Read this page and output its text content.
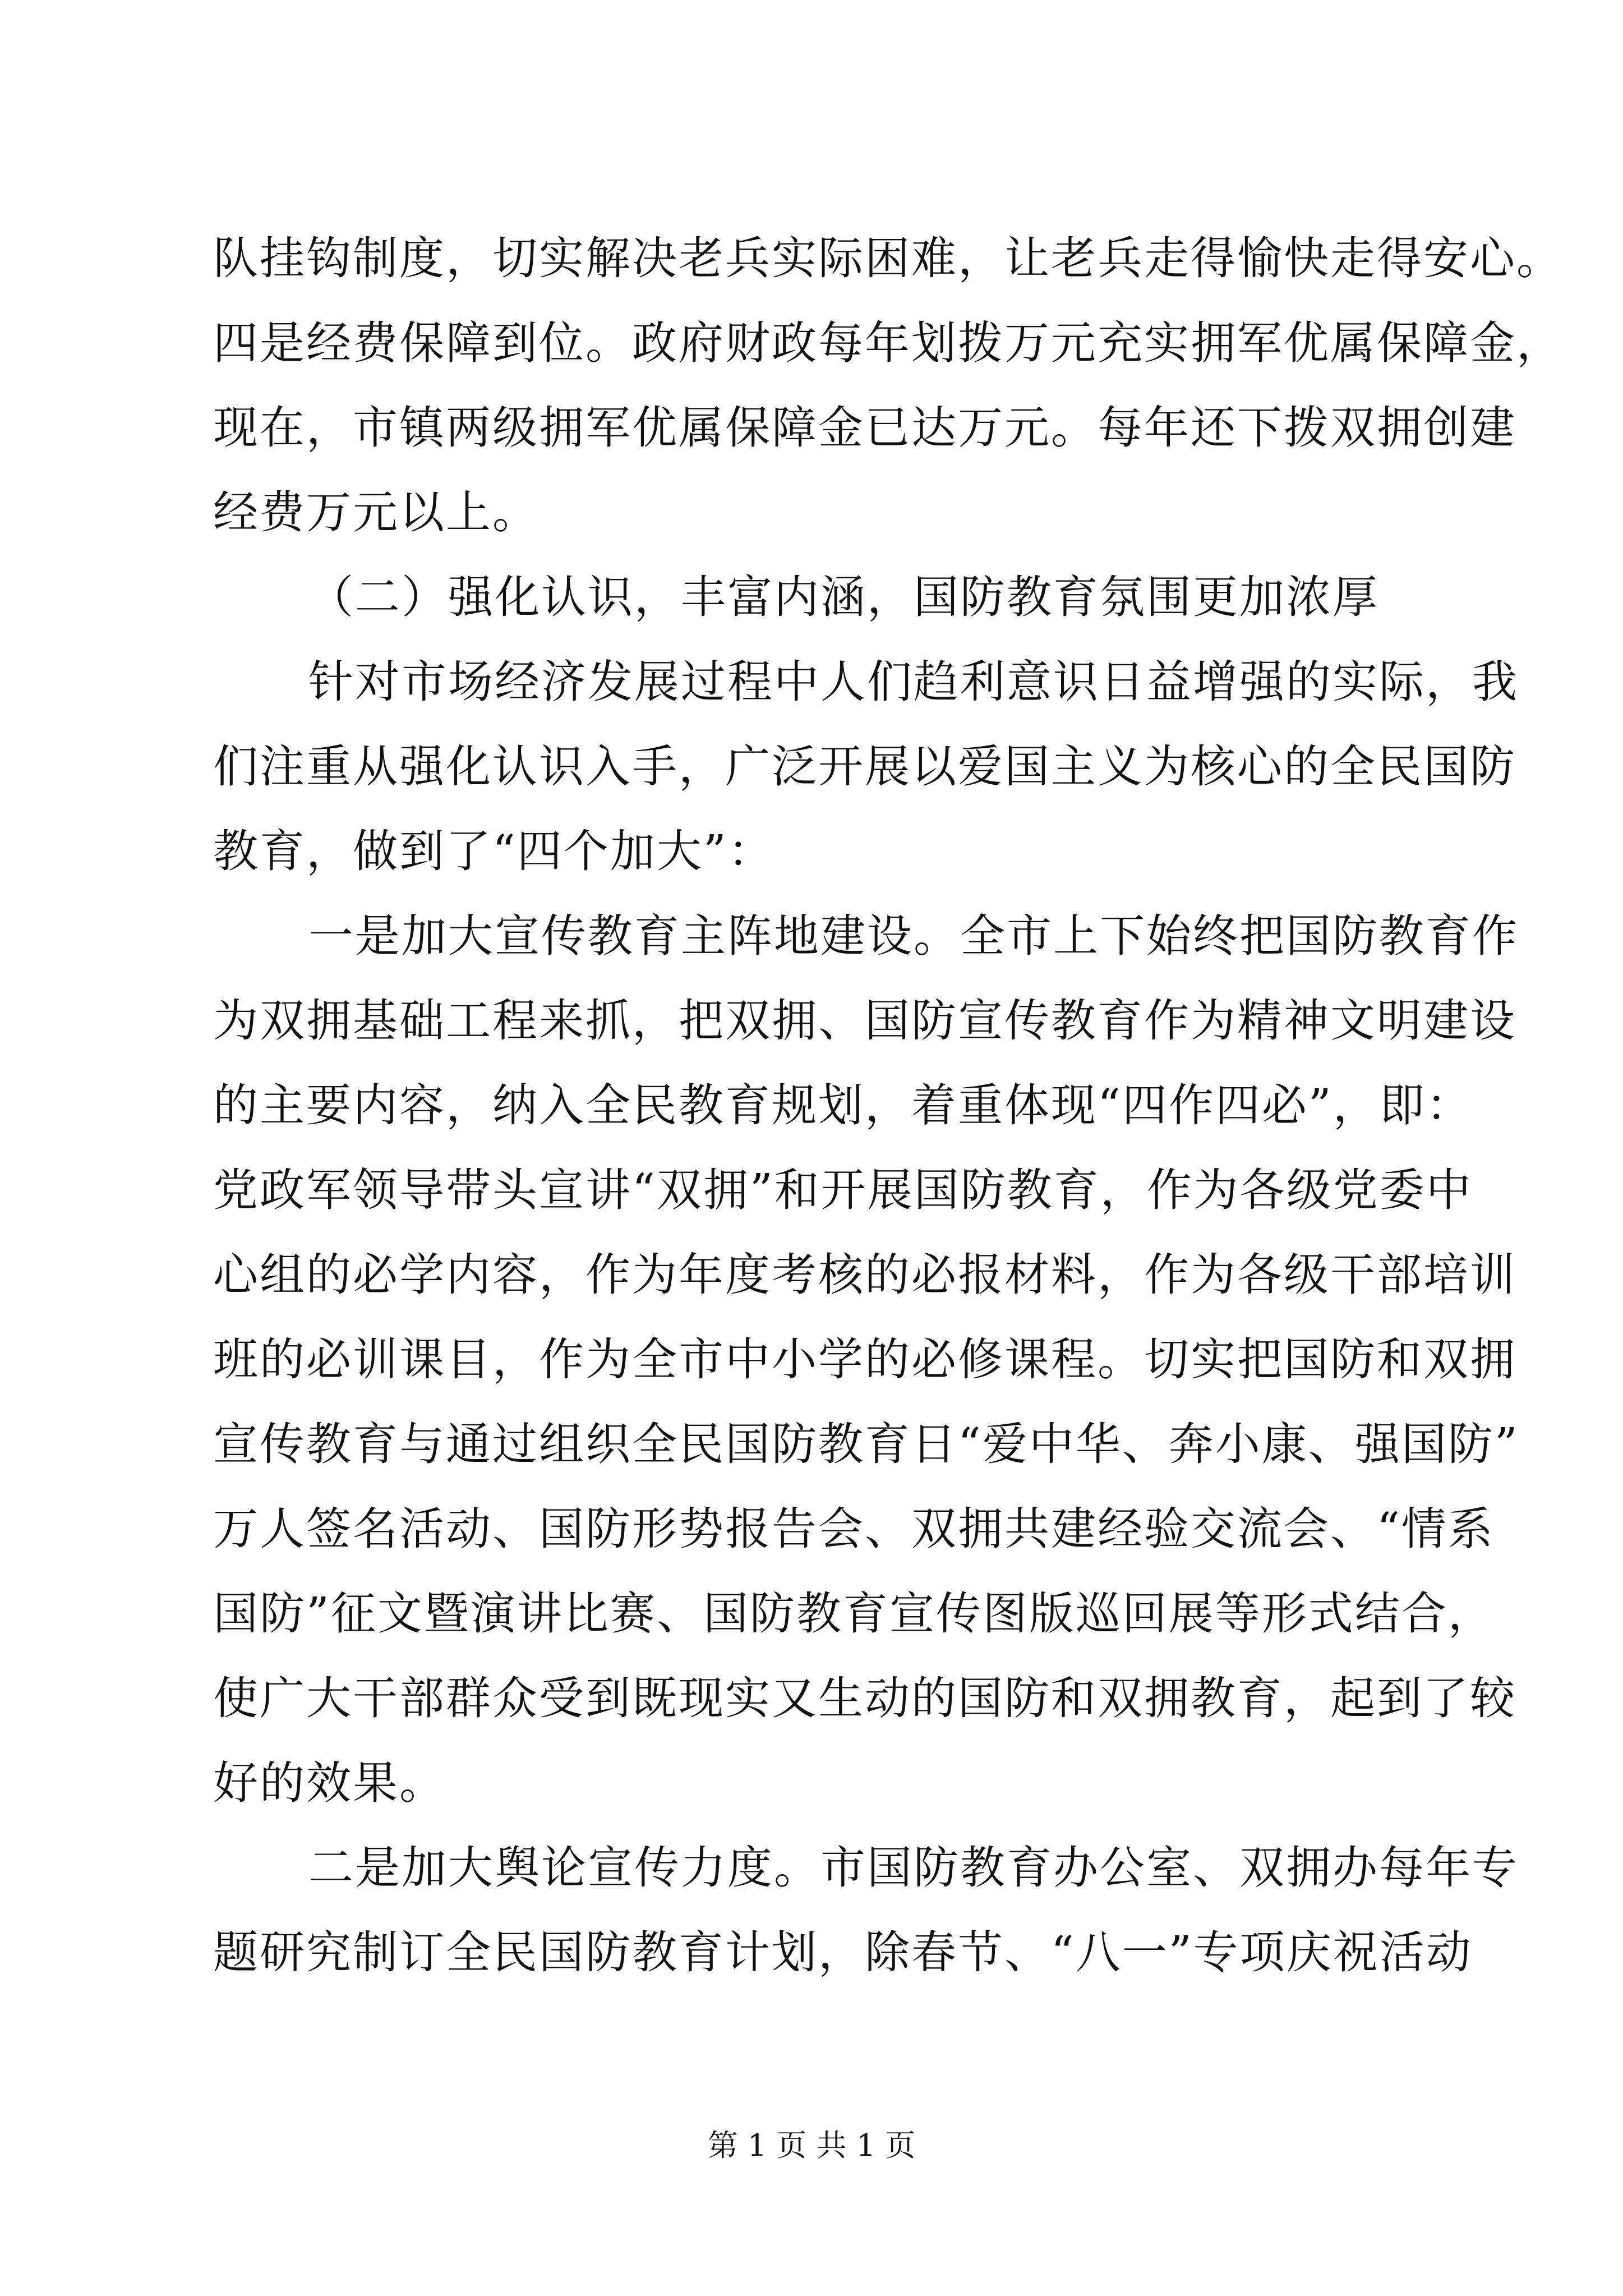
队挂钩制度，切实解决老兵实际困难，让老兵走得愉快走得安心。
四是经费保障到位。政府财政每年划拨万元充实拥军优属保障金，
现在，市镇两级拥军优属保障金已达万元。每年还下拨双拥创建
经费万元以上。
（二）强化认识，丰富内涵，国防教育氛围更加浓厚
针对市场经济发展过程中人们趋利意识日益增强的实际，我
们注重从强化认识入手，广泛开展以爱国主义为核心的全民国防
教育，做到了“四个加大”：
一是加大宣传教育主阵地建设。全市上下始终把国防教育作
为双拥基础工程来抓，把双拥、国防宣传教育作为精神文明建设
的主要内容，纳入全民教育规划，着重体现“四作四必”，即：
党政军领导带头宣讲“双拥”和开展国防教育，作为各级党委中
心组的必学内容，作为年度考核的必报材料，作为各级干部培训
班的必训课目，作为全市中小学的必修课程。切实把国防和双拥
宣传教育与通过组织全民国防教育日“爱中华、奔小康、强国防”
万人签名活动、国防形势报告会、双拥共建经验交流会、“情系
国防”征文暨演讲比赛、国防教育宣传图版巡回展等形式结合，
使广大干部群众受到既现实又生动的国防和双拥教育，起到了较
好的效果。
二是加大舆论宣传力度。市国防教育办公室、双拥办每年专
题研究制订全民国防教育计划，除春节、“八一”专项庆祝活动
第 1 页 共 1 页
